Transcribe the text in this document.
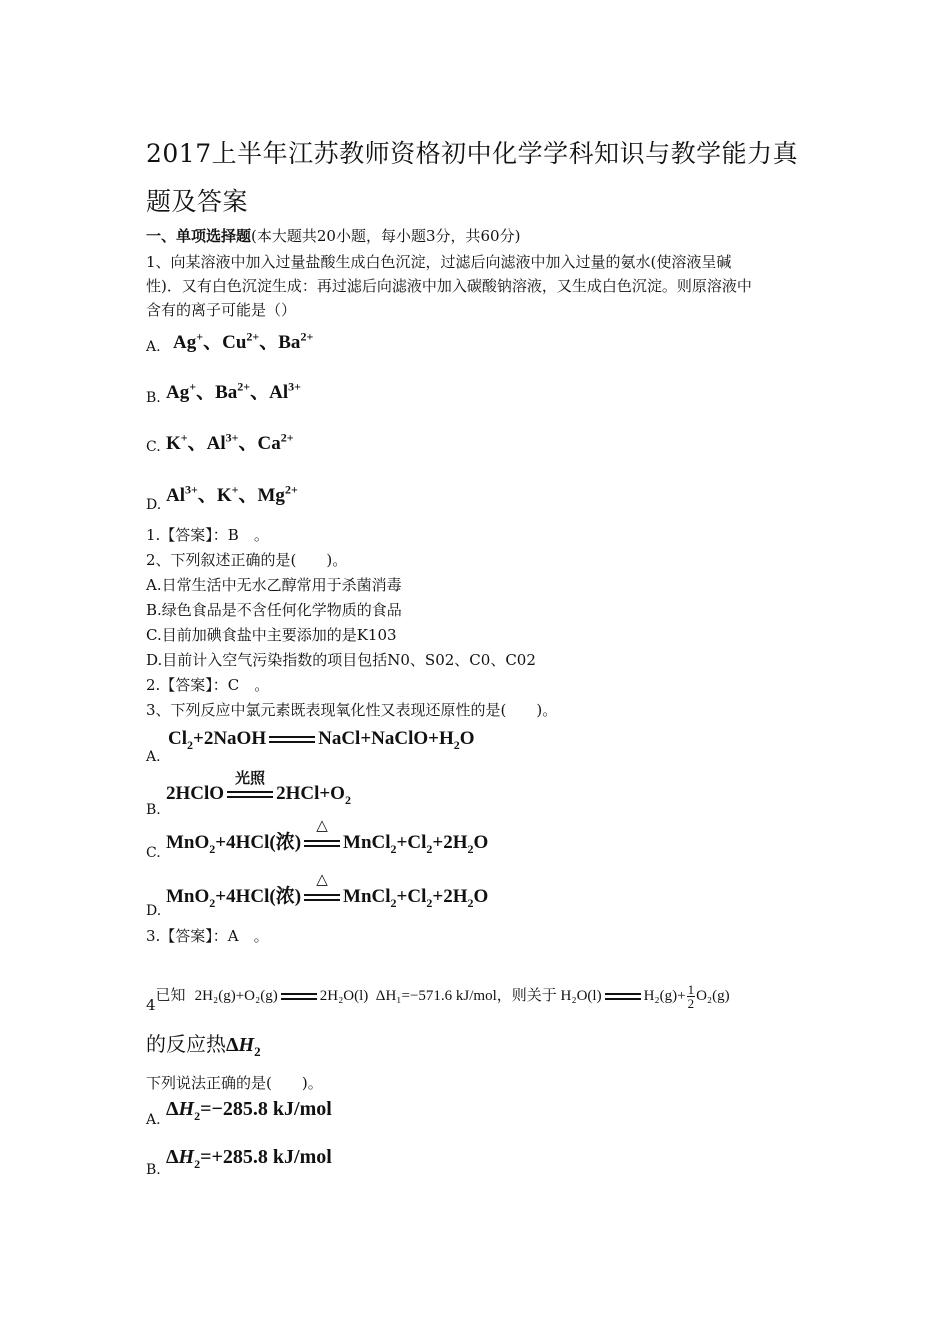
2017上半年江苏教师资格初中化学学科知识与教学能力真
题及答案
一、单项选择题(本大题共20小题，每小题3分，共60分)
1、向某溶液中加入过量盐酸生成白色沉淀，过滤后向滤液中加入过量的氨水(使溶液呈碱
性)．又有白色沉淀生成：再过滤后向滤液中加入碳酸钠溶液，又生成白色沉淀。则原溶液中
含有的离子可能是（）
A. Ag+、$Cu^{2+}$、$Ba^{2+}$
B. Ag+、$Ba^{2+}$、$Al^{3+}$
C. K+、$Al^{3+}$、$Ca^{2+}$
D. $Al^{3+}$、K+、$Mg^{2+}$
1.【答案】：B　。
2、下列叙述正确的是(　　)。
A.日常生活中无水乙醇常用于杀菌消毒
B.绿色食品是不含任何化学物质的食品
C.目前加碘食盐中主要添加的是K103
D.目前计入空气污染指数的项目包括N0、S02、C0、C02
2.【答案】：C　。
3、下列反应中氯元素既表现氧化性又表现还原性的是(　　)。
A.
$Cl_2+2NaOH$	$NaCl+NaClO+H_2O$
B.
2HClO
光照
$2HCl+O_2$
C. MnO$_2$+4HCl(浓)
△
$MnCl_2+Cl_2+2H_2O$
D.
MnO$_2$+4HCl(浓)
△
$MnCl_2+Cl_2+2H_2O$
3.【答案】：A　。
4已知 2H₂(g)+O₂(g)	2H₂O(l) ΔH₁=−571.6 kJ/mol，则关于 H₂O(l)	$H_2(g)+ \frac{1}{2} O_2(g)$
的反应热$\Delta H_2$
下列说法正确的是(　　)。
A. $\Delta H_2=-285.8$ kJ/mol
B.
$\Delta H_2=+285.8$ kJ/mol
